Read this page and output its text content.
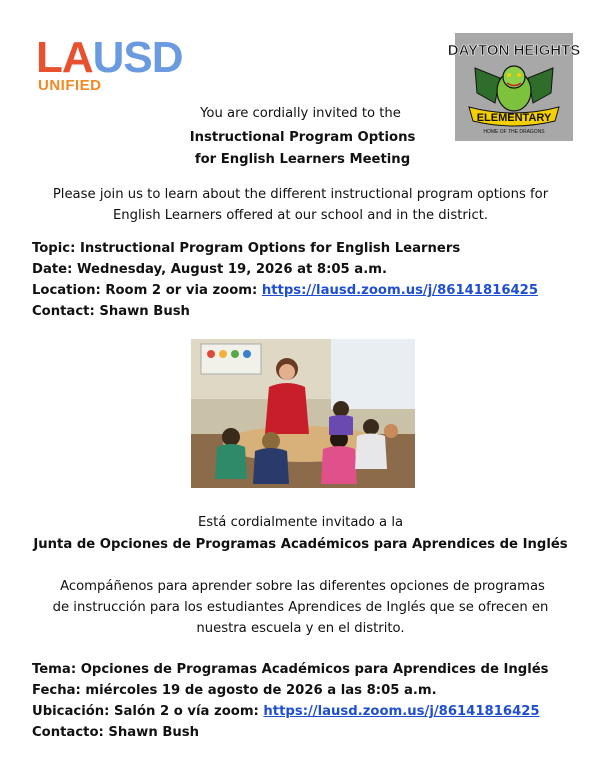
LAUSD
UNIFIED
DAYTON HEIGHTS
ELEMENTARY
HOME OF THE DRAGONS
You are cordially invited to the
Instructional Program Options
for English Learners Meeting
Please join us to learn about the different instructional program options for
English Learners offered at our school and in the district.
Topic: Instructional Program Options for English Learners
Date: Wednesday, August 19, 2026 at 8:05 a.m.
Location: Room 2 or via zoom: https://lausd.zoom.us/j/86141816425
Contact: Shawn Bush
Está cordialmente invitado a la
Junta de Opciones de Programas Académicos para Aprendices de Inglés
Acompáñenos para aprender sobre las diferentes opciones de programas
de instrucción para los estudiantes Aprendices de Inglés que se ofrecen en
nuestra escuela y en el distrito.
Tema: Opciones de Programas Académicos para Aprendices de Inglés
Fecha: miércoles 19 de agosto de 2026 a las 8:05 a.m.
Ubicación: Salón 2 o vía zoom: https://lausd.zoom.us/j/86141816425
Contacto: Shawn Bush
